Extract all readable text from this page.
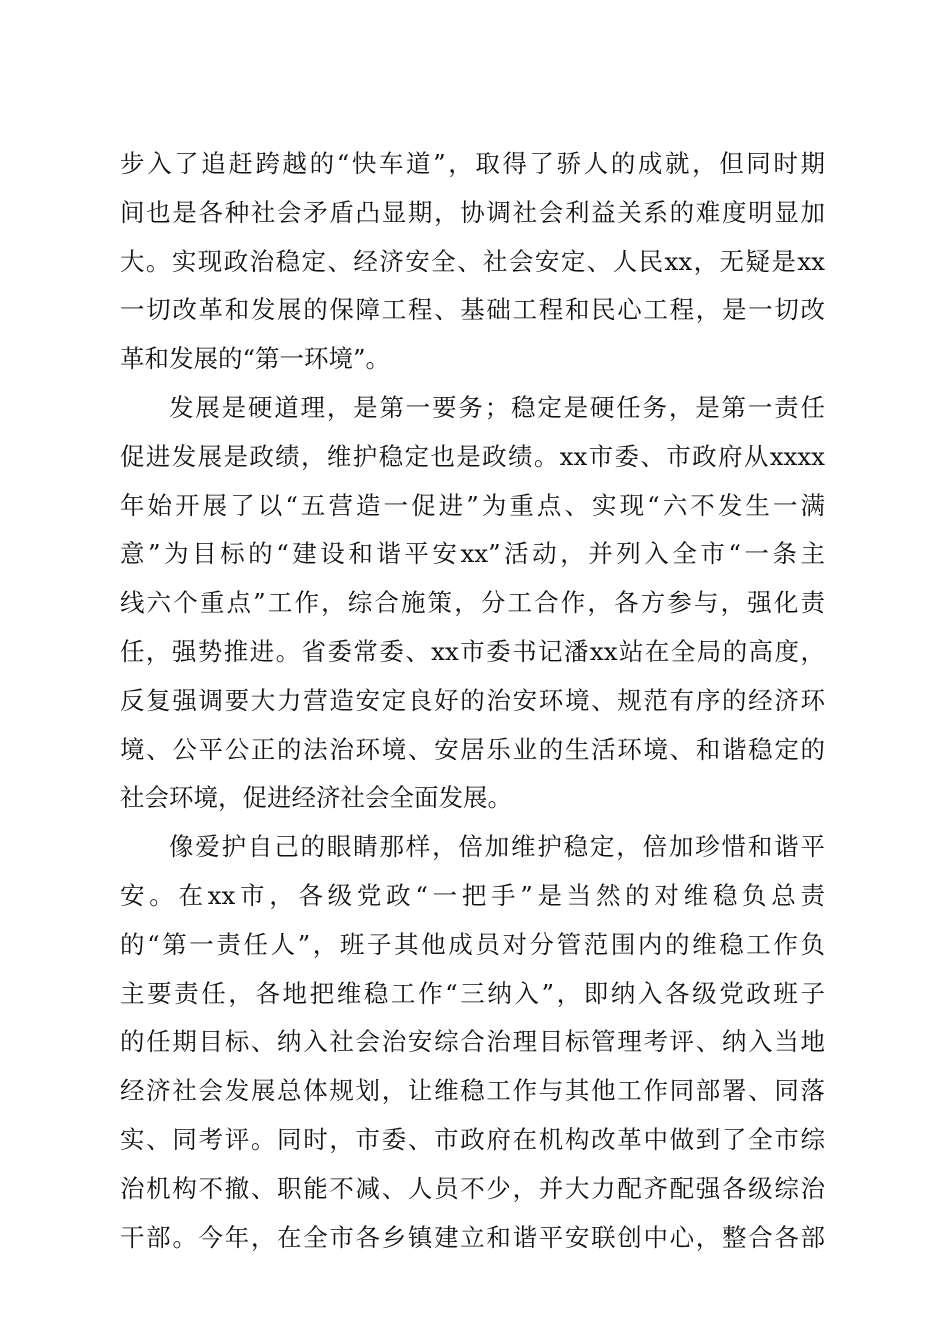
步入了追赶跨越的“快车道”，取得了骄人的成就，但同时期
间也是各种社会矛盾凸显期，协调社会利益关系的难度明显加
大。实现政治稳定、经济安全、社会安定、人民xx，无疑是xx
一切改革和发展的保障工程、基础工程和民心工程，是一切改
革和发展的“第一环境”。
发展是硬道理，是第一要务；稳定是硬任务，是第一责任
促进发展是政绩，维护稳定也是政绩。xx市委、市政府从xxxx
年始开展了以“五营造一促进”为重点、实现“六不发生一满
意”为目标的“建设和谐平安xx”活动，并列入全市“一条主
线六个重点”工作，综合施策，分工合作，各方参与，强化责
任，强势推进。省委常委、xx市委书记潘xx站在全局的高度，
反复强调要大力营造安定良好的治安环境、规范有序的经济环
境、公平公正的法治环境、安居乐业的生活环境、和谐稳定的
社会环境，促进经济社会全面发展。
像爱护自己的眼睛那样，倍加维护稳定，倍加珍惜和谐平
安。在xx市，各级党政“一把手”是当然的对维稳负总责
的“第一责任人”，班子其他成员对分管范围内的维稳工作负
主要责任，各地把维稳工作“三纳入”，即纳入各级党政班子
的任期目标、纳入社会治安综合治理目标管理考评、纳入当地
经济社会发展总体规划，让维稳工作与其他工作同部署、同落
实、同考评。同时，市委、市政府在机构改革中做到了全市综
治机构不撤、职能不减、人员不少，并大力配齐配强各级综治
干部。今年，在全市各乡镇建立和谐平安联创中心，整合各部
